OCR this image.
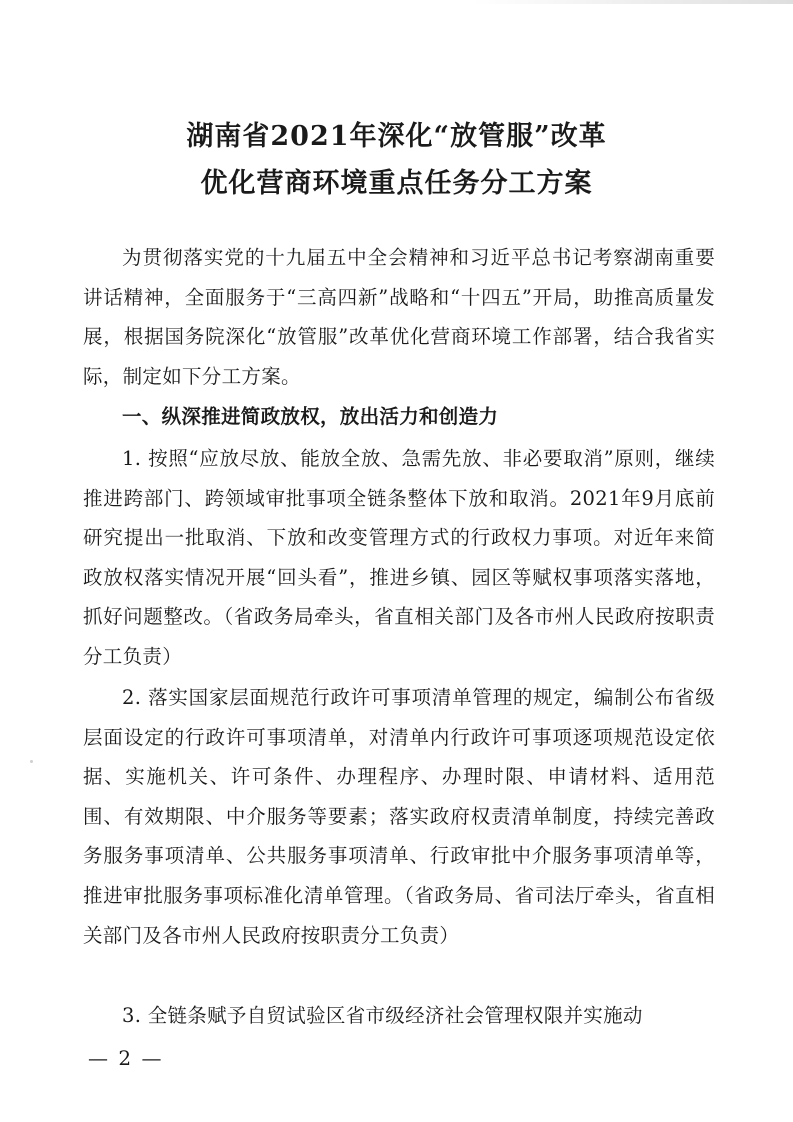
湖南省2021年深化“放管服”改革
优化营商环境重点任务分工方案

为贯彻落实党的十九届五中全会精神和习近平总书记考察湖南重要讲话精神，全面服务于“三高四新”战略和“十四五”开局，助推高质量发展，根据国务院深化“放管服”改革优化营商环境工作部署，结合我省实际，制定如下分工方案。

一、纵深推进简政放权，放出活力和创造力

1. 按照“应放尽放、能放全放、急需先放、非必要取消”原则，继续推进跨部门、跨领域审批事项全链条整体下放和取消。2021年9月底前研究提出一批取消、下放和改变管理方式的行政权力事项。对近年来简政放权落实情况开展“回头看”，推进乡镇、园区等赋权事项落实落地，抓好问题整改。（省政务局牵头，省直相关部门及各市州人民政府按职责分工负责）

2. 落实国家层面规范行政许可事项清单管理的规定，编制公布省级层面设定的行政许可事项清单，对清单内行政许可事项逐项规范设定依据、实施机关、许可条件、办理程序、办理时限、申请材料、适用范围、有效期限、中介服务等要素；落实政府权责清单制度，持续完善政务服务事项清单、公共服务事项清单、行政审批中介服务事项清单等，推进审批服务事项标准化清单管理。（省政务局、省司法厅牵头，省直相关部门及各市州人民政府按职责分工负责）

3. 全链条赋予自贸试验区省市级经济社会管理权限并实施动

— 2 —
